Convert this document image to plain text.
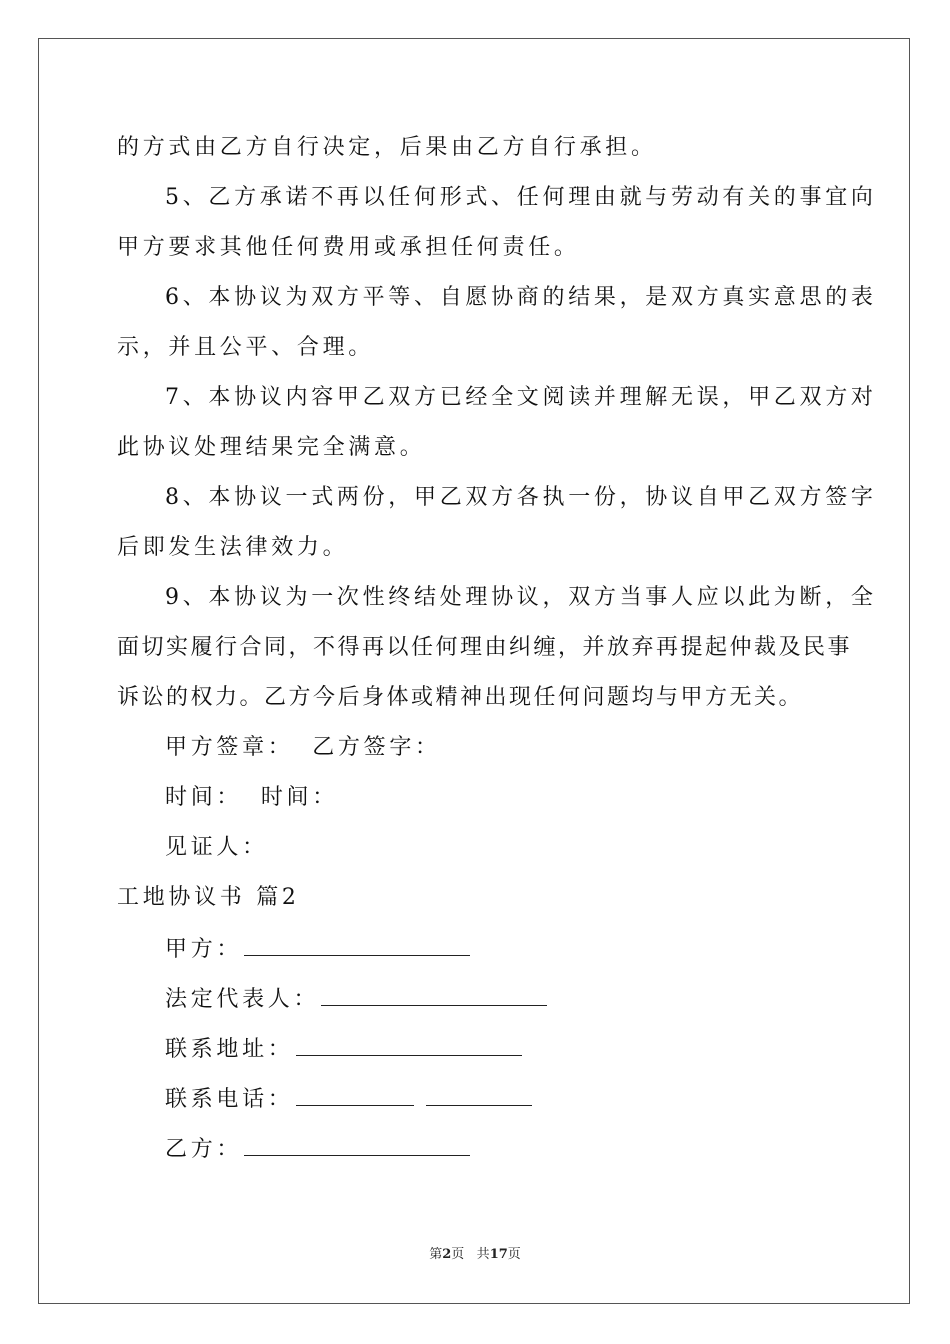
的方式由乙方自行决定，后果由乙方自行承担。
5、乙方承诺不再以任何形式、任何理由就与劳动有关的事宜向
甲方要求其他任何费用或承担任何责任。
6、本协议为双方平等、自愿协商的结果，是双方真实意思的表
示，并且公平、合理。
7、本协议内容甲乙双方已经全文阅读并理解无误，甲乙双方对
此协议处理结果完全满意。
8、本协议一式两份，甲乙双方各执一份，协议自甲乙双方签字
后即发生法律效力。
9、本协议为一次性终结处理协议，双方当事人应以此为断，全
面切实履行合同，不得再以任何理由纠缠，并放弃再提起仲裁及民事
诉讼的权力。乙方今后身体或精神出现任何问题均与甲方无关。
甲方签章： 乙方签字：
时间： 时间：
见证人：
工地协议书 篇2
甲方：
法定代表人：
联系地址：
联系电话：
乙方：
第2页 共17页
